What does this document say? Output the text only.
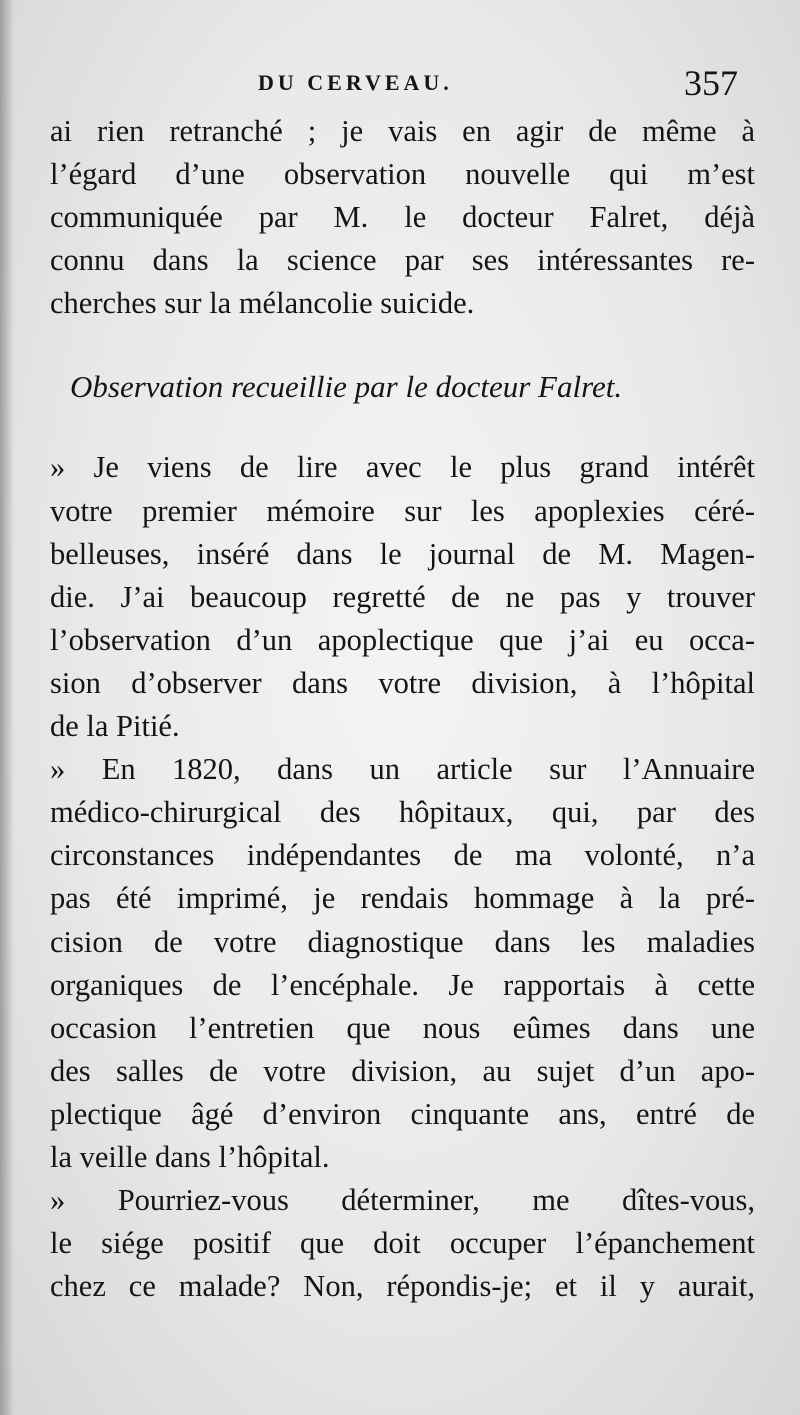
DU CERVEAU.	357
ai rien retranché ; je vais en agir de même à
l’égard d’une observation nouvelle qui m’est
communiquée par M. le docteur Falret, déjà
connu dans la science par ses intéressantes re-
cherches sur la mélancolie suicide.
Observation recueillie par le docteur Falret.
» Je viens de lire avec le plus grand intérêt
votre premier mémoire sur les apoplexies céré-
belleuses, inséré dans le journal de M. Magen-
die. J’ai beaucoup regretté de ne pas y trouver
l’observation d’un apoplectique que j’ai eu occa-
sion d’observer dans votre division, à l’hôpital
de la Pitié.
» En 1820, dans un article sur l’Annuaire
médico-chirurgical des hôpitaux, qui, par des
circonstances indépendantes de ma volonté, n’a
pas été imprimé, je rendais hommage à la pré-
cision de votre diagnostique dans les maladies
organiques de l’encéphale. Je rapportais à cette
occasion l’entretien que nous eûmes dans une
des salles de votre division, au sujet d’un apo-
plectique âgé d’environ cinquante ans, entré de
la veille dans l’hôpital.
» Pourriez-vous déterminer, me dîtes-vous,
le siége positif que doit occuper l’épanchement
chez ce malade? Non, répondis-je; et il y aurait,
